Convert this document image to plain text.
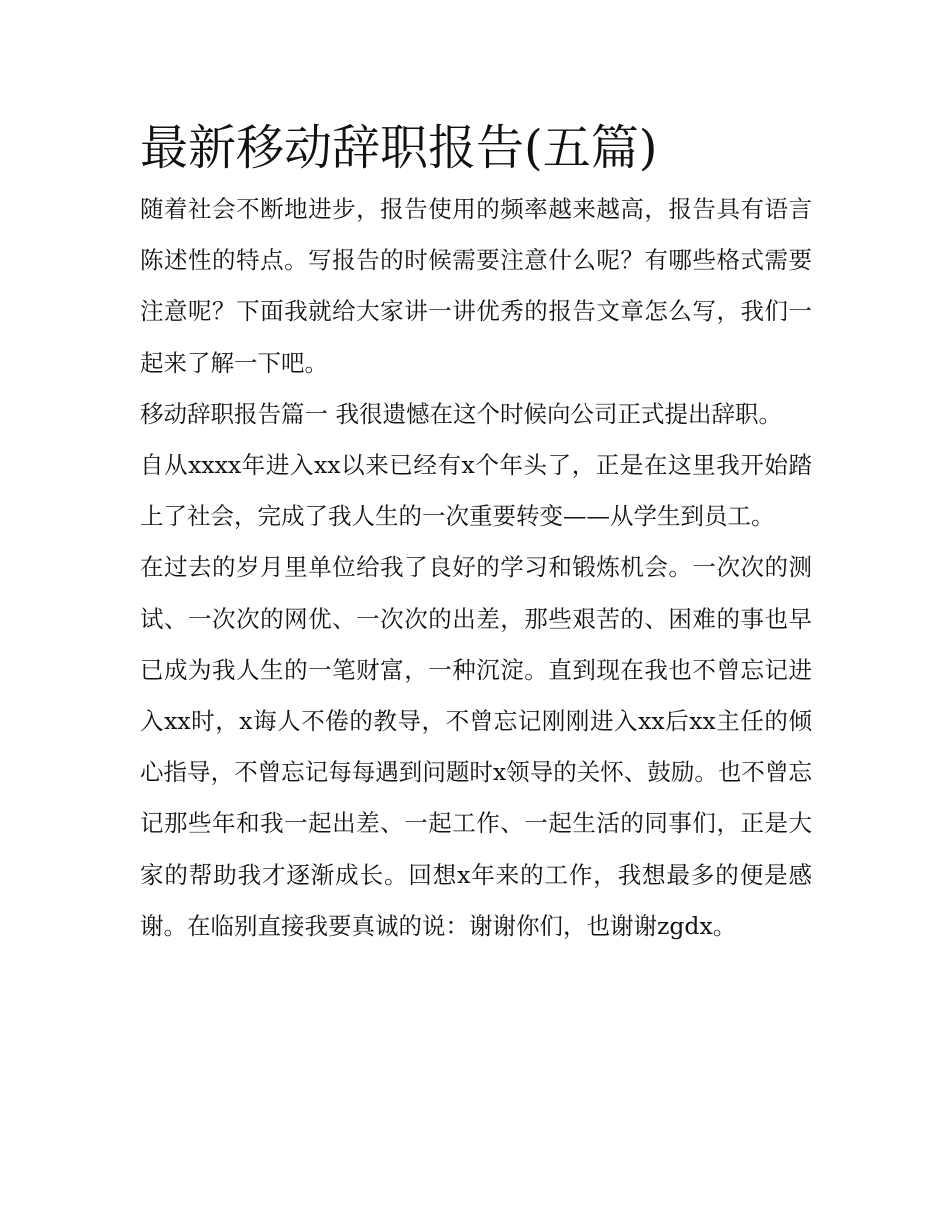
最新移动辞职报告(五篇)

随着社会不断地进步，报告使用的频率越来越高，报告具有语言陈述性的特点。写报告的时候需要注意什么呢？有哪些格式需要注意呢？下面我就给大家讲一讲优秀的报告文章怎么写，我们一起来了解一下吧。

移动辞职报告篇一 我很遗憾在这个时候向公司正式提出辞职。

自从xxxx年进入xx以来已经有x个年头了，正是在这里我开始踏上了社会，完成了我人生的一次重要转变——从学生到员工。

在过去的岁月里单位给我了良好的学习和锻炼机会。一次次的测试、一次次的网优、一次次的出差，那些艰苦的、困难的事也早已成为我人生的一笔财富，一种沉淀。直到现在我也不曾忘记进入xx时，x诲人不倦的教导，不曾忘记刚刚进入xx后xx主任的倾心指导，不曾忘记每每遇到问题时x领导的关怀、鼓励。也不曾忘记那些年和我一起出差、一起工作、一起生活的同事们，正是大家的帮助我才逐渐成长。回想x年来的工作，我想最多的便是感谢。在临别直接我要真诚的说：谢谢你们，也谢谢zgdx。
